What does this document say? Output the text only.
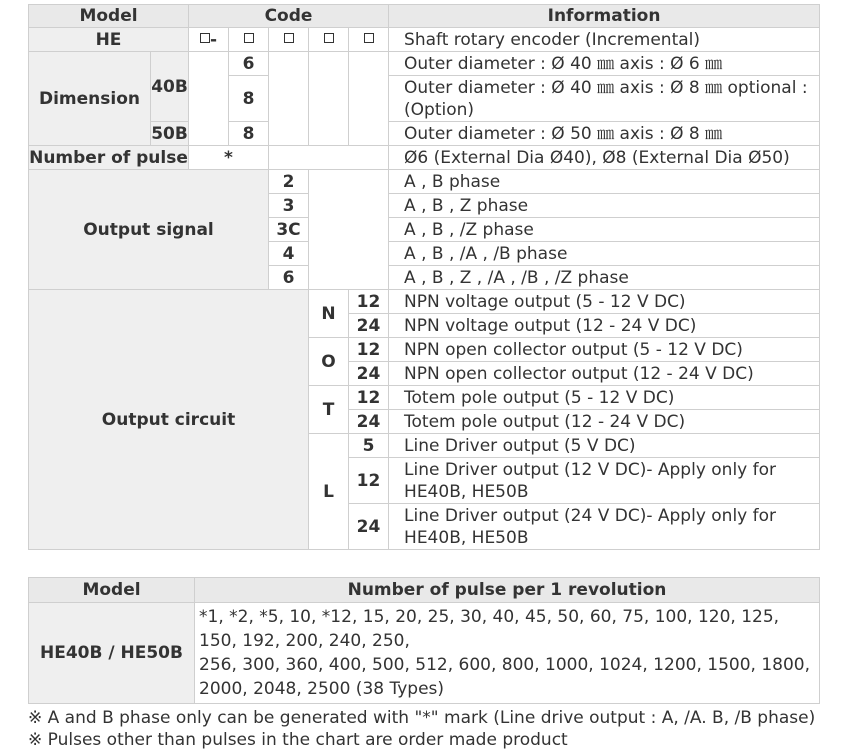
Model		Code					Information
HE		-					Shaft rotary encoder (Incremental)
Dimension	40B		6				Outer diameter : Ø 40 ㎜ axis : Ø 6 ㎜
			8				Outer diameter : Ø 40 ㎜ axis : Ø 8 ㎜ optional : (Option)

	50B		8				Outer diameter : Ø 50 ㎜ axis : Ø 8 ㎜
Number of pulse		*					Ø6 (External Dia Ø40), Ø8 (External Dia Ø50)
Output signal				2			A , B phase
				3			A , B , Z phase
				3C			A , B , /Z phase
				4			A , B , /A , /B phase
				6			A , B , Z , /A , /B , /Z phase
Output circuit					N	12	NPN voltage output (5 - 12 V DC)
						24	NPN voltage output (12 - 24 V DC)
					O	12	NPN open collector output (5 - 12 V DC)
						24	NPN open collector output (12 - 24 V DC)
					T	12	Totem pole output (5 - 12 V DC)
						24	Totem pole output (12 - 24 V DC)
					L	5	Line Driver output (5 V DC)
						12	Line Driver output (12 V DC)- Apply only for HE40B, HE50B

						24	Line Driver output (24 V DC)- Apply only for HE40B, HE50B

Model	Number of pulse per 1 revolution
HE40B / HE50B	*1, *2, *5, 10, *12, 15, 20, 25, 30, 40, 45, 50, 60, 75, 100, 120, 125, 150, 192, 200, 240, 250,
256, 300, 360, 400, 500, 512, 600, 800, 1000, 1024, 1200, 1500, 1800, 2000, 2048, 2500 (38 Types)
※ A and B phase only can be generated with "*" mark (Line drive output : A, /A. B, /B phase)
※ Pulses other than pulses in the chart are order made product
